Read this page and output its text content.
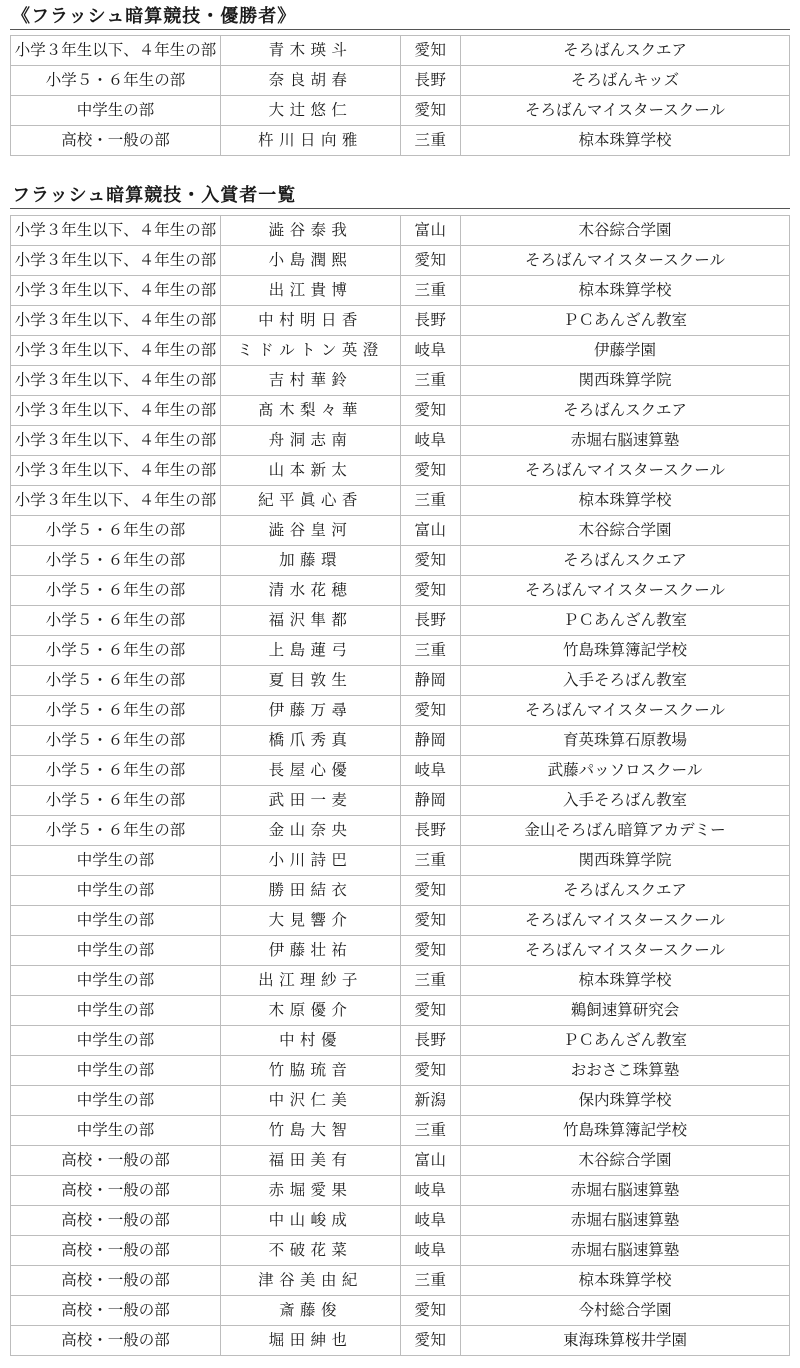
《フラッシュ暗算競技・優勝者》
小学３年生以下、４年生の部	青木瑛斗	愛知	そろばんスクエア
小学５・６年生の部	奈良胡春	長野	そろばんキッズ
中学生の部	大辻悠仁	愛知	そろばんマイスタースクール
高校・一般の部	杵川日向雅	三重	椋本珠算学校
フラッシュ暗算競技・入賞者一覧
小学３年生以下、４年生の部	澁谷泰我	富山	木谷綜合学園
小学３年生以下、４年生の部	小島潤熙	愛知	そろばんマイスタースクール
小学３年生以下、４年生の部	出江貴博	三重	椋本珠算学校
小学３年生以下、４年生の部	中村明日香	長野	ＰＣあんざん教室
小学３年生以下、４年生の部	ミドルトン英澄	岐阜	伊藤学園
小学３年生以下、４年生の部	吉村華鈴	三重	関西珠算学院
小学３年生以下、４年生の部	髙木梨々華	愛知	そろばんスクエア
小学３年生以下、４年生の部	舟洞志南	岐阜	赤堀右脳速算塾
小学３年生以下、４年生の部	山本新太	愛知	そろばんマイスタースクール
小学３年生以下、４年生の部	紀平眞心香	三重	椋本珠算学校
小学５・６年生の部	澁谷皇河	富山	木谷綜合学園
小学５・６年生の部	加藤環	愛知	そろばんスクエア
小学５・６年生の部	清水花穂	愛知	そろばんマイスタースクール
小学５・６年生の部	福沢隼都	長野	ＰＣあんざん教室
小学５・６年生の部	上島蓮弓	三重	竹島珠算簿記学校
小学５・６年生の部	夏目敦生	静岡	入手そろばん教室
小学５・６年生の部	伊藤万尋	愛知	そろばんマイスタースクール
小学５・６年生の部	橋爪秀真	静岡	育英珠算石原教場
小学５・６年生の部	長屋心優	岐阜	武藤パッソロスクール
小学５・６年生の部	武田一麦	静岡	入手そろばん教室
小学５・６年生の部	金山奈央	長野	金山そろばん暗算アカデミー
中学生の部	小川詩巴	三重	関西珠算学院
中学生の部	勝田結衣	愛知	そろばんスクエア
中学生の部	大見響介	愛知	そろばんマイスタースクール
中学生の部	伊藤壮祐	愛知	そろばんマイスタースクール
中学生の部	出江理紗子	三重	椋本珠算学校
中学生の部	木原優介	愛知	鵜飼速算研究会
中学生の部	中村優	長野	ＰＣあんざん教室
中学生の部	竹脇琉音	愛知	おおさこ珠算塾
中学生の部	中沢仁美	新潟	保内珠算学校
中学生の部	竹島大智	三重	竹島珠算簿記学校
高校・一般の部	福田美有	富山	木谷綜合学園
高校・一般の部	赤堀愛果	岐阜	赤堀右脳速算塾
高校・一般の部	中山峻成	岐阜	赤堀右脳速算塾
高校・一般の部	不破花菜	岐阜	赤堀右脳速算塾
高校・一般の部	津谷美由紀	三重	椋本珠算学校
高校・一般の部	斎藤俊	愛知	今村総合学園
高校・一般の部	堀田紳也	愛知	東海珠算桜井学園
